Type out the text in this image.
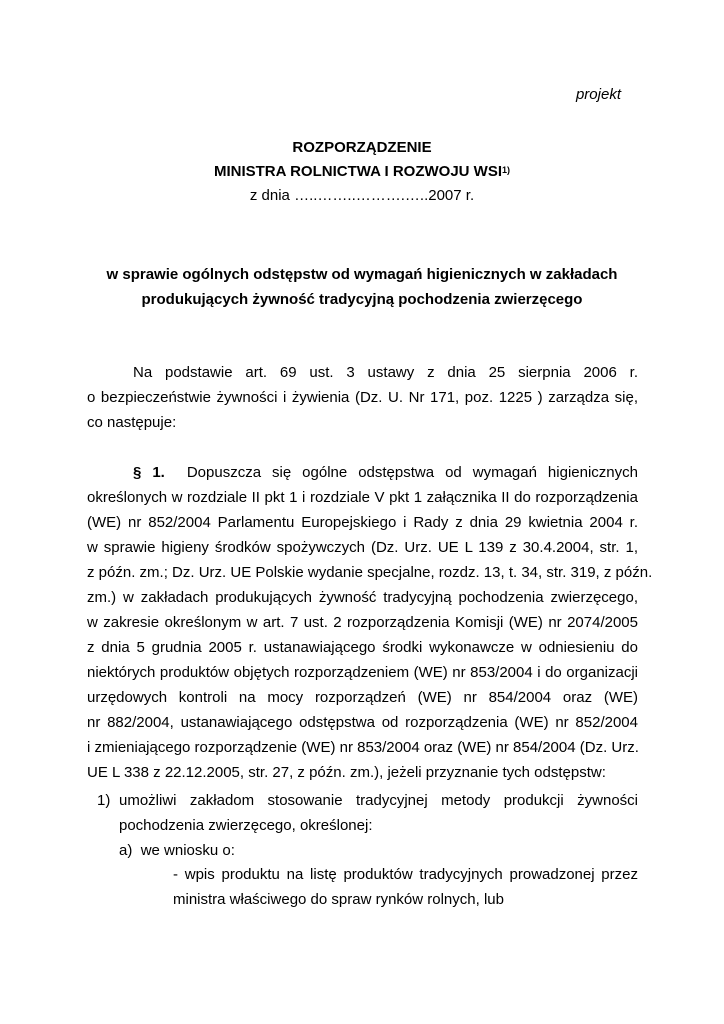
projekt
ROZPORZĄDZENIE
MINISTRA ROLNICTWA I ROZWOJU WSI$^{1)}$
z dnia …..……..……….…..2007 r.
w sprawie ogólnych odstępstw od wymagań higienicznych w zakładach
produkujących żywność tradycyjną pochodzenia zwierzęcego
Na podstawie art. 69 ust. 3 ustawy z dnia 25 sierpnia 2006 r.
o bezpieczeństwie żywności i żywienia (Dz. U. Nr 171, poz. 1225 ) zarządza się,
co następuje:
§ 1. Dopuszcza się ogólne odstępstwa od wymagań higienicznych
określonych w rozdziale II pkt 1 i rozdziale V pkt 1 załącznika II do rozporządzenia
(WE) nr 852/2004 Parlamentu Europejskiego i Rady z dnia 29 kwietnia 2004 r.
w sprawie higieny środków spożywczych (Dz. Urz. UE L 139 z 30.4.2004, str. 1,
z późn. zm.; Dz. Urz. UE Polskie wydanie specjalne, rozdz. 13, t. 34, str. 319, z późn.
zm.) w zakładach produkujących żywność tradycyjną pochodzenia zwierzęcego,
w zakresie określonym w art. 7 ust. 2 rozporządzenia Komisji (WE) nr 2074/2005
z dnia 5 grudnia 2005 r. ustanawiającego środki wykonawcze w odniesieniu do
niektórych produktów objętych rozporządzeniem (WE) nr 853/2004 i do organizacji
urzędowych kontroli na mocy rozporządzeń (WE) nr 854/2004 oraz (WE)
nr 882/2004, ustanawiającego odstępstwa od rozporządzenia (WE) nr 852/2004
i zmieniającego rozporządzenie (WE) nr 853/2004 oraz (WE) nr 854/2004 (Dz. Urz.
UE L 338 z 22.12.2005, str. 27, z późn. zm.), jeżeli przyznanie tych odstępstw:
1) umożliwi zakładom stosowanie tradycyjnej metody produkcji żywności
pochodzenia zwierzęcego, określonej:
a) we wniosku o:
- wpis produktu na listę produktów tradycyjnych prowadzonej przez
ministra właściwego do spraw rynków rolnych, lub
